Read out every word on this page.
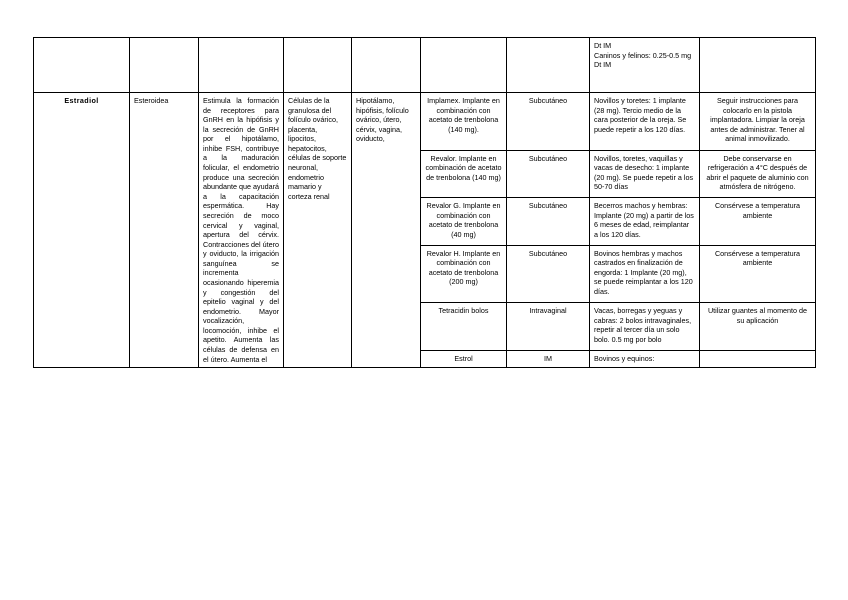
							Dt IM
Caninos y felinos: 0.25-0.5 mg Dt IM	

Estradiol	Esteroidea	Estimula la formación de receptores para GnRH en la hipófisis y la secreción de GnRH por el hipotálamo, inhibe FSH, contribuye a la maduración folicular, el endometrio produce una secreción abundante que ayudará a la capacitación espermática. Hay secreción de moco cervical y vaginal, apertura del cérvix. Contracciones del útero y oviducto, la irrigación sanguínea se incrementa ocasionando hiperemia y congestión del epitelio vaginal y del endometrio. Mayor vocalización, locomoción, inhibe el apetito. Aumenta las células de defensa en el útero. Aumenta el	Células de la granulosa del folículo ovárico, placenta, lipocitos, hepatocitos, células de soporte neuronal, endometrio mamario y corteza renal	Hipotálamo, hipófisis, folículo ovárico, útero, cérvix, vagina, oviducto,	Implamex. Implante en combinación con acetato de trenbolona (140 mg).	Subcutáneo	Novillos y toretes: 1 implante (28 mg). Tercio medio de la cara posterior de la oreja. Se puede repetir a los 120 días.	Seguir instrucciones para colocarlo en la pistola implantadora. Limpiar la oreja antes de administrar. Tener al animal inmovilizado.
					Revalor. Implante en combinación de acetato de trenbolona (140 mg)	Subcutáneo	Novillos, toretes, vaquillas y vacas de desecho: 1 implante (20 mg). Se puede repetir a los 50-70 días	Debe conservarse en refrigeración a 4°C después de abrir el paquete de aluminio con atmósfera de nitrógeno.
					Revalor G. Implante en combinación con acetato de trenbolona (40 mg)	Subcutáneo	Becerros machos y hembras: Implante (20 mg) a partir de los 6 meses de edad, reimplantar a los 120 días.	Consérvese a temperatura ambiente
					Revalor H. Implante en combinación con acetato de trenbolona (200 mg)	Subcutáneo	Bovinos hembras y machos castrados en finalización de engorda: 1 Implante (20 mg), se puede reimplantar a los 120 días.	Consérvese a temperatura ambiente
					Tetracidin bolos	Intravaginal	Vacas, borregas y yeguas y cabras: 2 bolos intravaginales, repetir al tercer día un solo bolo. 0.5 mg por bolo	Utilizar guantes al momento de su aplicación
					Estrol	IM	Bovinos y equinos:	
